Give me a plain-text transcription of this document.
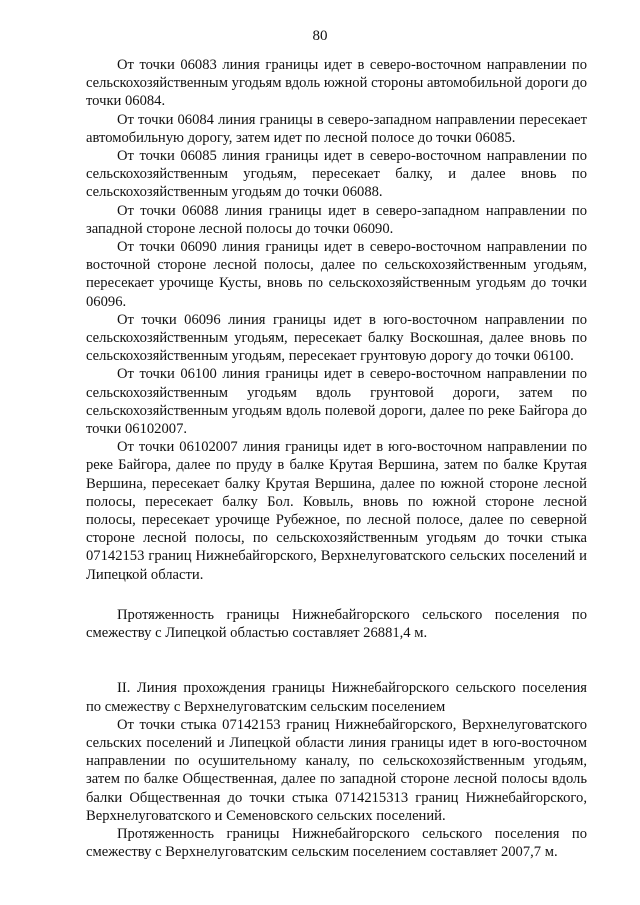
80

От точки 06083 линия границы идет в северо-восточном направлении по сельскохозяйственным угодьям вдоль южной стороны автомобильной дороги до точки 06084.

От точки 06084 линия границы в северо-западном направлении пересекает автомобильную дорогу, затем идет по лесной полосе до точки 06085.

От точки 06085 линия границы идет в северо-восточном направлении по сельскохозяйственным угодьям, пересекает балку, и далее вновь по сельскохозяйственным угодьям до точки 06088.

От точки 06088 линия границы идет в северо-западном направлении по западной стороне лесной полосы до точки 06090.

От точки 06090 линия границы идет в северо-восточном направлении по восточной стороне лесной полосы, далее по сельскохозяйственным угодьям, пересекает урочище Кусты, вновь по сельскохозяйственным угодьям до точки 06096.

От точки 06096 линия границы идет в юго-восточном направлении по сельскохозяйственным угодьям, пересекает балку Воскошная, далее вновь по сельскохозяйственным угодьям, пересекает грунтовую дорогу до точки 06100.

От точки 06100 линия границы идет в северо-восточном направлении по сельскохозяйственным угодьям вдоль грунтовой дороги, затем по сельскохозяйственным угодьям вдоль полевой дороги, далее по реке Байгора до точки 06102007.

От точки 06102007 линия границы идет в юго-восточном направлении по реке Байгора, далее по пруду в балке Крутая Вершина, затем по балке Крутая Вершина, пересекает балку Крутая Вершина, далее по южной стороне лесной полосы, пересекает балку Бол. Ковыль, вновь по южной стороне лесной полосы, пересекает урочище Рубежное, по лесной полосе, далее по северной стороне лесной полосы, по сельскохозяйственным угодьям до точки стыка 07142153 границ Нижнебайгорского, Верхнелуговатского сельских поселений и Липецкой области.

Протяженность границы Нижнебайгорского сельского поселения по смежеству с Липецкой областью составляет 26881,4 м.

II. Линия прохождения границы Нижнебайгорского сельского поселения по смежеству с Верхнелуговатским сельским поселением

От точки стыка 07142153 границ Нижнебайгорского, Верхнелуговатского сельских поселений и Липецкой области линия границы идет в юго-восточном направлении по осушительному каналу, по сельскохозяйственным угодьям, затем по балке Общественная, далее по западной стороне лесной полосы вдоль балки Общественная до точки стыка 0714215313 границ Нижнебайгорского, Верхнелуговатского и Семеновского сельских поселений.

Протяженность границы Нижнебайгорского сельского поселения по смежеству с Верхнелуговатским сельским поселением составляет 2007,7 м.
